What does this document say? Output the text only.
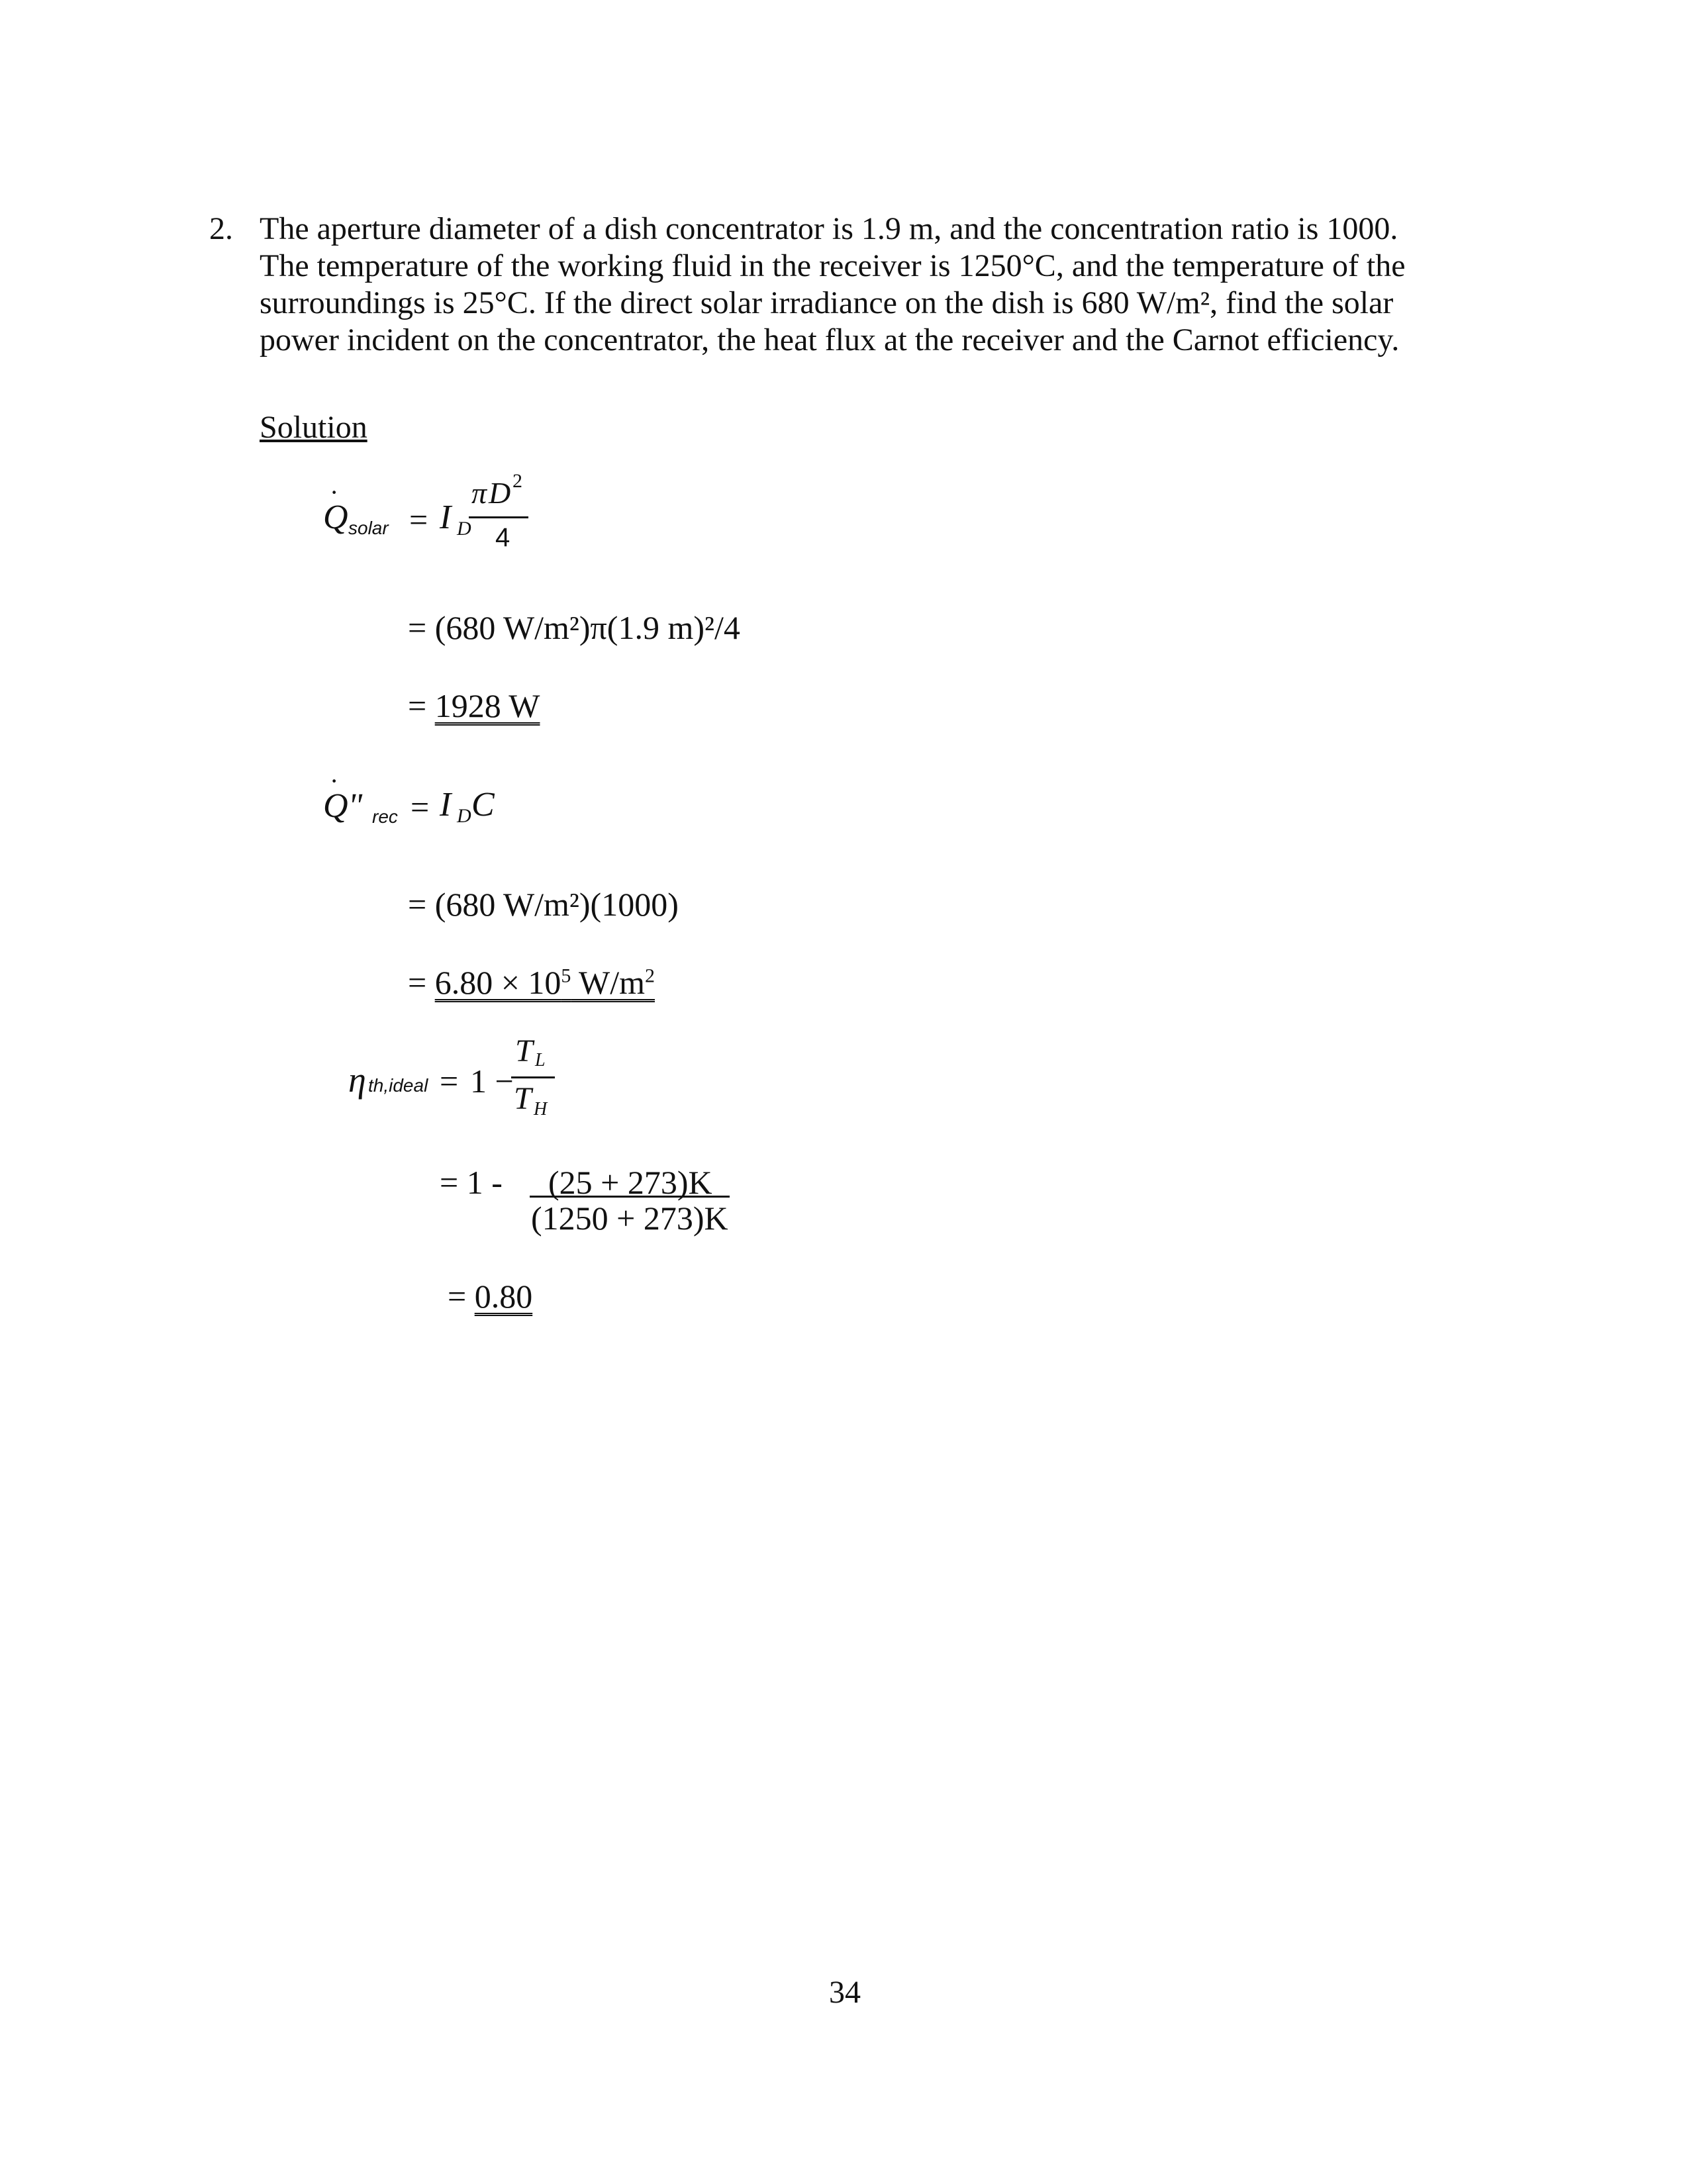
2. The aperture diameter of a dish concentrator is 1.9 m, and the concentration ratio is 1000.

The temperature of the working fluid in the receiver is 1250°C, and the temperature of the

surroundings is 25°C. If the direct solar irradiance on the dish is 680 W/m², find the solar

power incident on the concentrator, the heat flux at the receiver and the Carnot efficiency.

Solution
·
Q solar = I D
π D 2
4
= (680 W/m²)π(1.9 m)²/4
= 1928 W
·
Q" rec = I D C
= (680 W/m²)(1000)
= $6.80 \times 10^5$ $W/m^2$
η th,ideal = 1 −
T L
T H
= 1 - (25 + 273)K
(1250 + 273)K
= 0.80
34
